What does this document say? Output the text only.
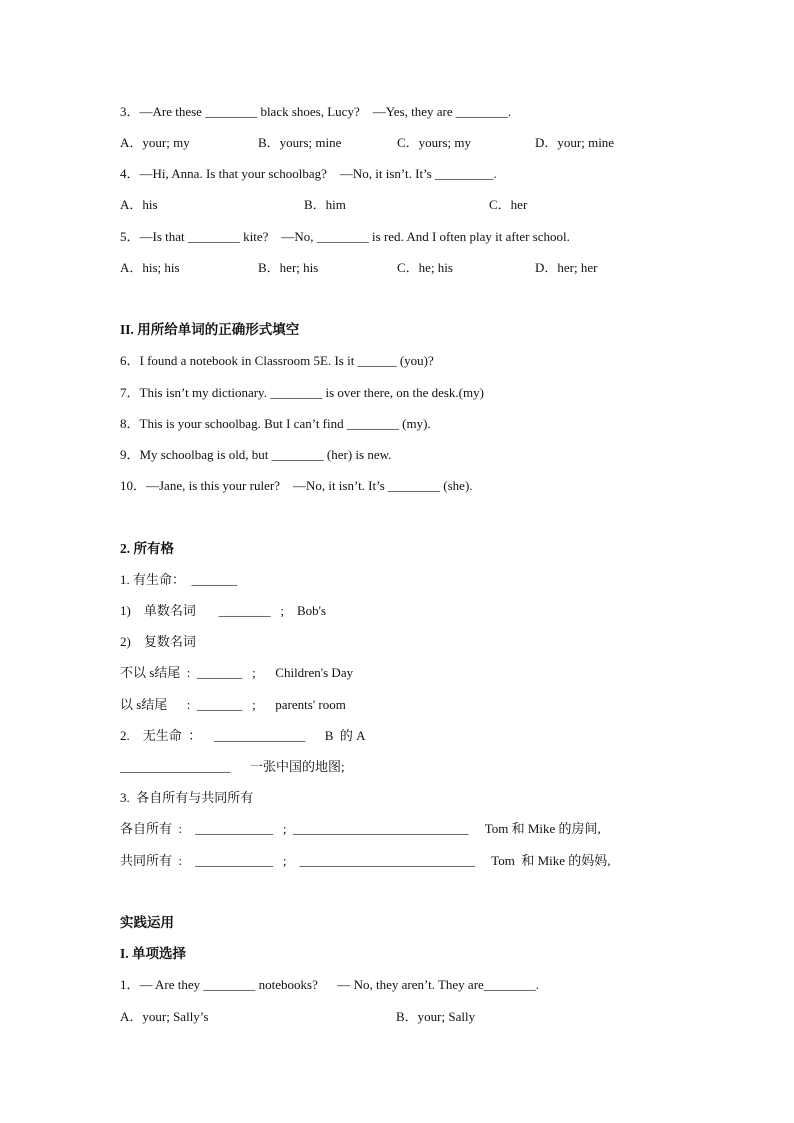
3．—Are these ________ black shoes, Lucy?    —Yes, they are ________.
A．your; my	B．yours; mine	C．yours; my	D．your; mine
4．—Hi, Anna. Is that your schoolbag?    —No, it isn’t. It’s _________.
A．his	B．him	C．her
5．—Is that ________ kite?    —No, ________ is red. And I often play it after school.
A．his; his	B．her; his	C．he; his	D．her; her
II. 用所给单词的正确形式填空
6．I found a notebook in Classroom 5E. Is it ______ (you)?
7．This isn’t my dictionary. ________ is over there, on the desk.(my)
8．This is your schoolbag. But I can’t find ________ (my).
9．My schoolbag is old, but ________ (her) is new.
10．—Jane, is this your ruler?    —No, it isn’t. It’s ________ (she).
2. 所有格
1. 有生命：  _______
1)    单数名词       ________   ;    Bob's
2)    复数名词
不以 s结尾  :  _______   ;      Children's Day
以 s结尾      :  _______   ;      parents' room
2.    无生命  ：    ______________      B  的 A
_________________      一张中国的地图;
3.  各自所有与共同所有
各自所有  :    ____________   ;  ___________________________     Tom 和 Mike 的房间,
共同所有  :    ____________   ;    ___________________________     Tom  和 Mike 的妈妈,
实践运用
I. 单项选择
1．— Are they ________ notebooks?      — No, they aren’t. They are________.
A．your; Sally’s	B．your; Sally
